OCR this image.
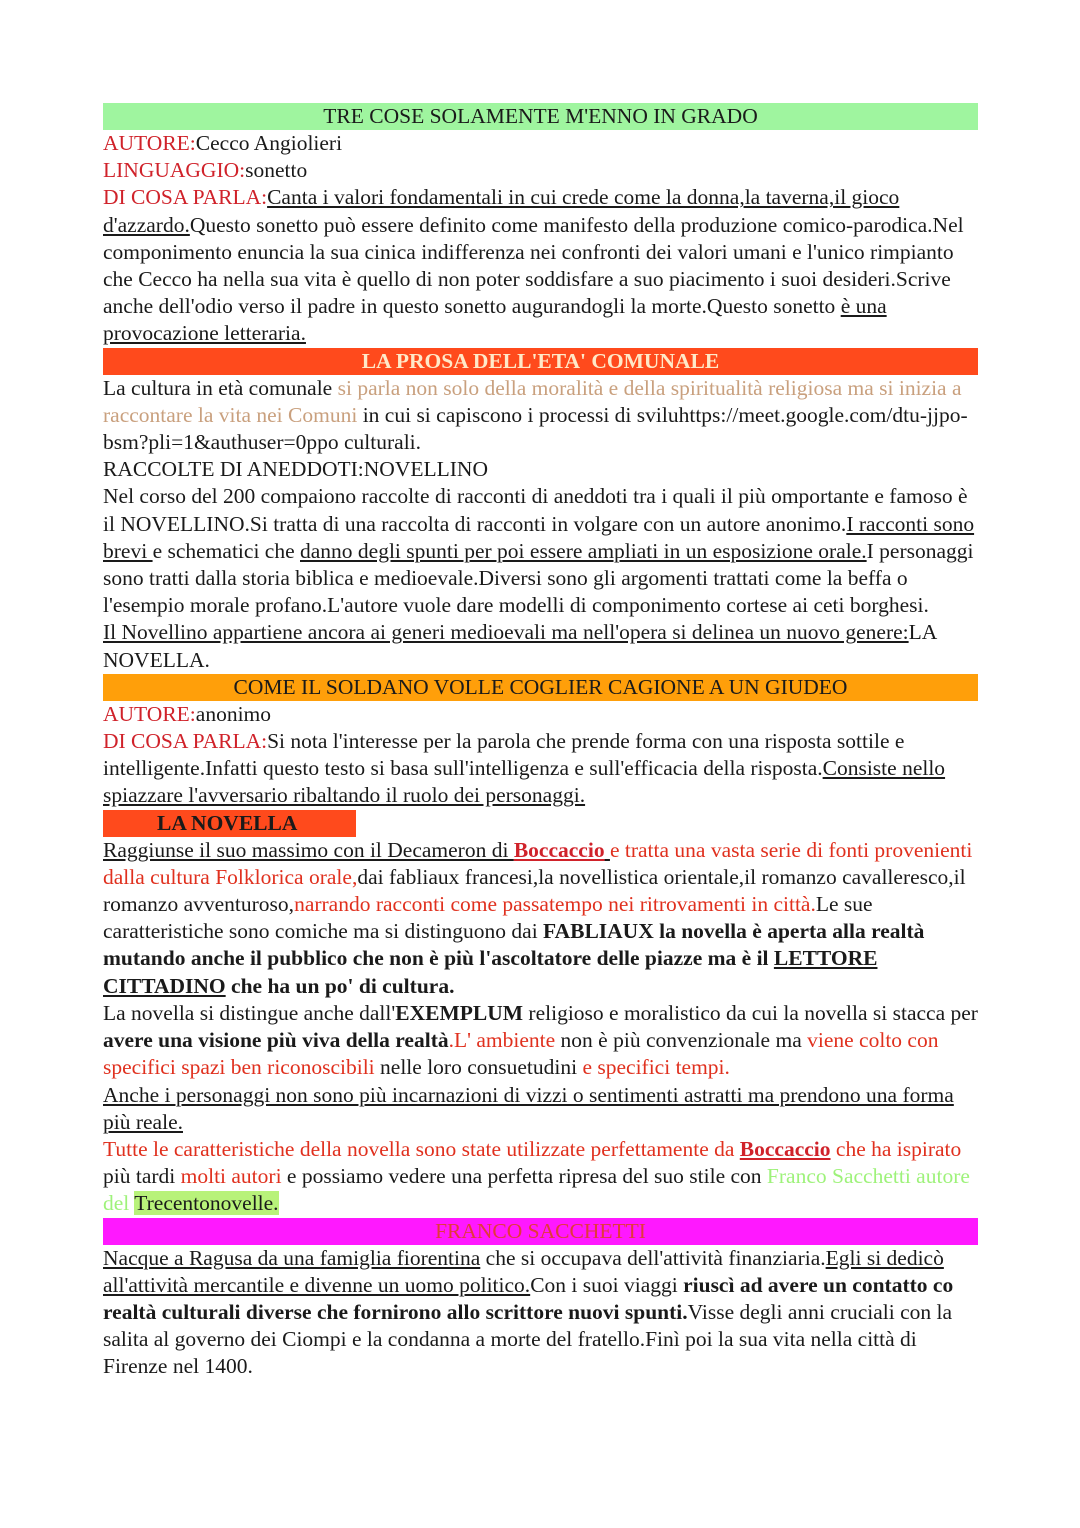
TRE COSE SOLAMENTE M'ENNO IN GRADO

AUTORE:Cecco Angiolieri

LINGUAGGIO:sonetto

DI COSA PARLA:Canta i valori fondamentali in cui crede come la donna,la taverna,il gioco d'azzardo.Questo sonetto può essere definito come manifesto della produzione comico-parodica.Nel componimento enuncia la sua cinica indifferenza nei confronti dei valori umani e l'unico rimpianto che Cecco ha nella sua vita è quello di non poter soddisfare a suo piacimento i suoi desideri.Scrive anche dell'odio verso il padre in questo sonetto augurandogli la morte.Questo sonetto è una provocazione letteraria.

LA PROSA DELL'ETA' COMUNALE

La cultura in età comunale si parla non solo della moralità e della spiritualità religiosa ma si inizia a raccontare la vita nei Comuni in cui si capiscono i processi di sviluhttps://meet.google.com/dtu-jjpo-bsm?pli=1&authuser=0ppo culturali.

RACCOLTE DI ANEDDOTI:NOVELLINO

Nel corso del 200 compaiono raccolte di racconti di aneddoti tra i quali il più omportante e famoso è il NOVELLINO.Si tratta di una raccolta di racconti in volgare con un autore anonimo.I racconti sono brevi e schematici che danno degli spunti per poi essere ampliati in un esposizione orale.I personaggi sono tratti dalla storia biblica e medioevale.Diversi sono gli argomenti trattati come la beffa o l'esempio morale profano.L'autore vuole dare modelli di componimento cortese ai ceti borghesi.

Il Novellino appartiene ancora ai generi medioevali ma nell'opera si delinea un nuovo genere:LA NOVELLA.

COME IL SOLDANO VOLLE COGLIER CAGIONE A UN GIUDEO

AUTORE:anonimo

DI COSA PARLA:Si nota l'interesse per la parola che prende forma con una risposta sottile e intelligente.Infatti questo testo si basa sull'intelligenza e sull'efficacia della risposta.Consiste nello spiazzare l'avversario ribaltando il ruolo dei personaggi.

LA NOVELLA

Raggiunse il suo massimo con il Decameron di Boccaccio e tratta una vasta serie di fonti provenienti dalla cultura Folklorica orale,dai fabliaux francesi,la novellistica orientale,il romanzo cavalleresco,il romanzo avventuroso,narrando racconti come passatempo nei ritrovamenti in città.Le sue caratteristiche sono comiche ma si distinguono dai FABLIAUX la novella è aperta alla realtà mutando anche il pubblico che non è più l'ascoltatore delle piazze ma è il LETTORE CITTADINO che ha un po' di cultura.

La novella si distingue anche dall'EXEMPLUM religioso e moralistico da cui la novella si stacca per avere una visione più viva della realtà.L' ambiente non è più convenzionale ma viene colto con specifici spazi ben riconoscibili nelle loro consuetudini e specifici tempi.

Anche i personaggi non sono più incarnazioni di vizzi o sentimenti astratti ma prendono una forma più reale.

Tutte le caratteristiche della novella sono state utilizzate perfettamente da Boccaccio che ha ispirato più tardi molti autori e possiamo vedere una perfetta ripresa del suo stile con Franco Sacchetti autore del Trecentonovelle.

FRANCO SACCHETTI

Nacque a Ragusa da una famiglia fiorentina che si occupava dell'attività finanziaria.Egli si dedicò all'attività mercantile e divenne un uomo politico.Con i suoi viaggi riuscì ad avere un contatto co realtà culturali diverse che fornirono allo scrittore nuovi spunti.Visse degli anni cruciali con la salita al governo dei Ciompi e la condanna a morte del fratello.Finì poi la sua vita nella città di Firenze nel 1400.
